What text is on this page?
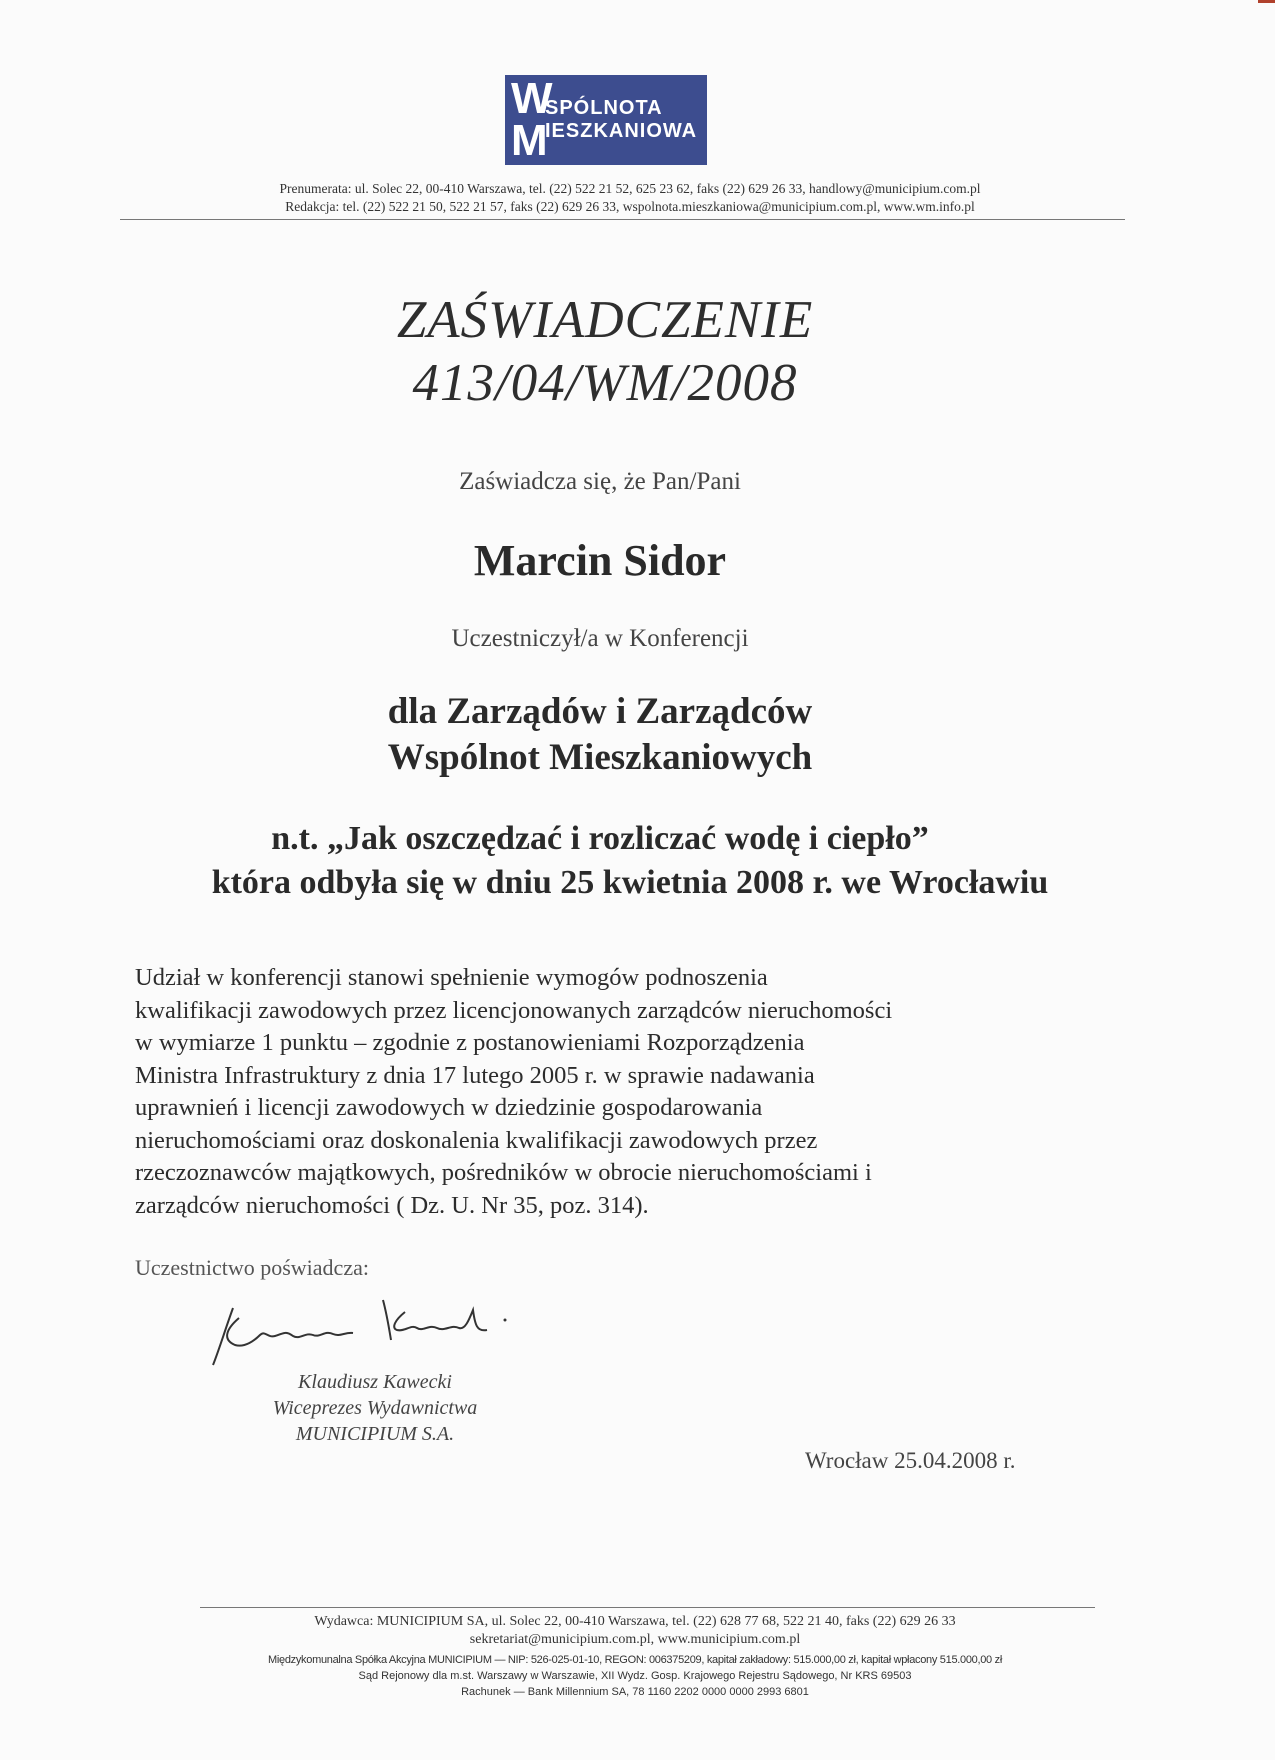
W
SPÓLNOTA
M
IESZKANIOWA
Prenumerata: ul. Solec 22, 00-410 Warszawa, tel. (22) 522 21 52, 625 23 62, faks (22) 629 26 33, handlowy@municipium.com.pl
Redakcja: tel. (22) 522 21 50, 522 21 57, faks (22) 629 26 33, wspolnota.mieszkaniowa@municipium.com.pl, www.wm.info.pl
ZAŚWIADCZENIE
413/04/WM/2008
Zaświadcza się, że Pan/Pani
Marcin Sidor
Uczestniczył/a w Konferencji
dla Zarządów i Zarządców
Wspólnot Mieszkaniowych
n.t. „Jak oszczędzać i rozliczać wodę i ciepło”
która odbyła się w dniu 25 kwietnia 2008 r. we Wrocławiu
Udział w konferencji stanowi spełnienie wymogów podnoszenia
kwalifikacji zawodowych przez licencjonowanych zarządców nieruchomości
w wymiarze 1 punktu – zgodnie z postanowieniami Rozporządzenia
Ministra Infrastruktury z dnia 17 lutego 2005 r. w sprawie nadawania
uprawnień i licencji zawodowych w dziedzinie gospodarowania
nieruchomościami oraz doskonalenia kwalifikacji zawodowych przez
rzeczoznawców majątkowych, pośredników w obrocie nieruchomościami i
zarządców nieruchomości ( Dz. U. Nr 35, poz. 314).
Uczestnictwo poświadcza:
Klaudiusz Kawecki
Wiceprezes Wydawnictwa
MUNICIPIUM S.A.
Wrocław 25.04.2008 r.
Wydawca: MUNICIPIUM SA, ul. Solec 22, 00-410 Warszawa, tel. (22) 628 77 68, 522 21 40, faks (22) 629 26 33
sekretariat@municipium.com.pl, www.municipium.com.pl
Międzykomunalna Spółka Akcyjna MUNICIPIUM — NIP: 526-025-01-10, REGON: 006375209, kapitał zakładowy: 515.000,00 zł, kapitał wpłacony 515.000,00 zł
Sąd Rejonowy dla m.st. Warszawy w Warszawie, XII Wydz. Gosp. Krajowego Rejestru Sądowego, Nr KRS 69503
Rachunek — Bank Millennium SA, 78 1160 2202 0000 0000 2993 6801
